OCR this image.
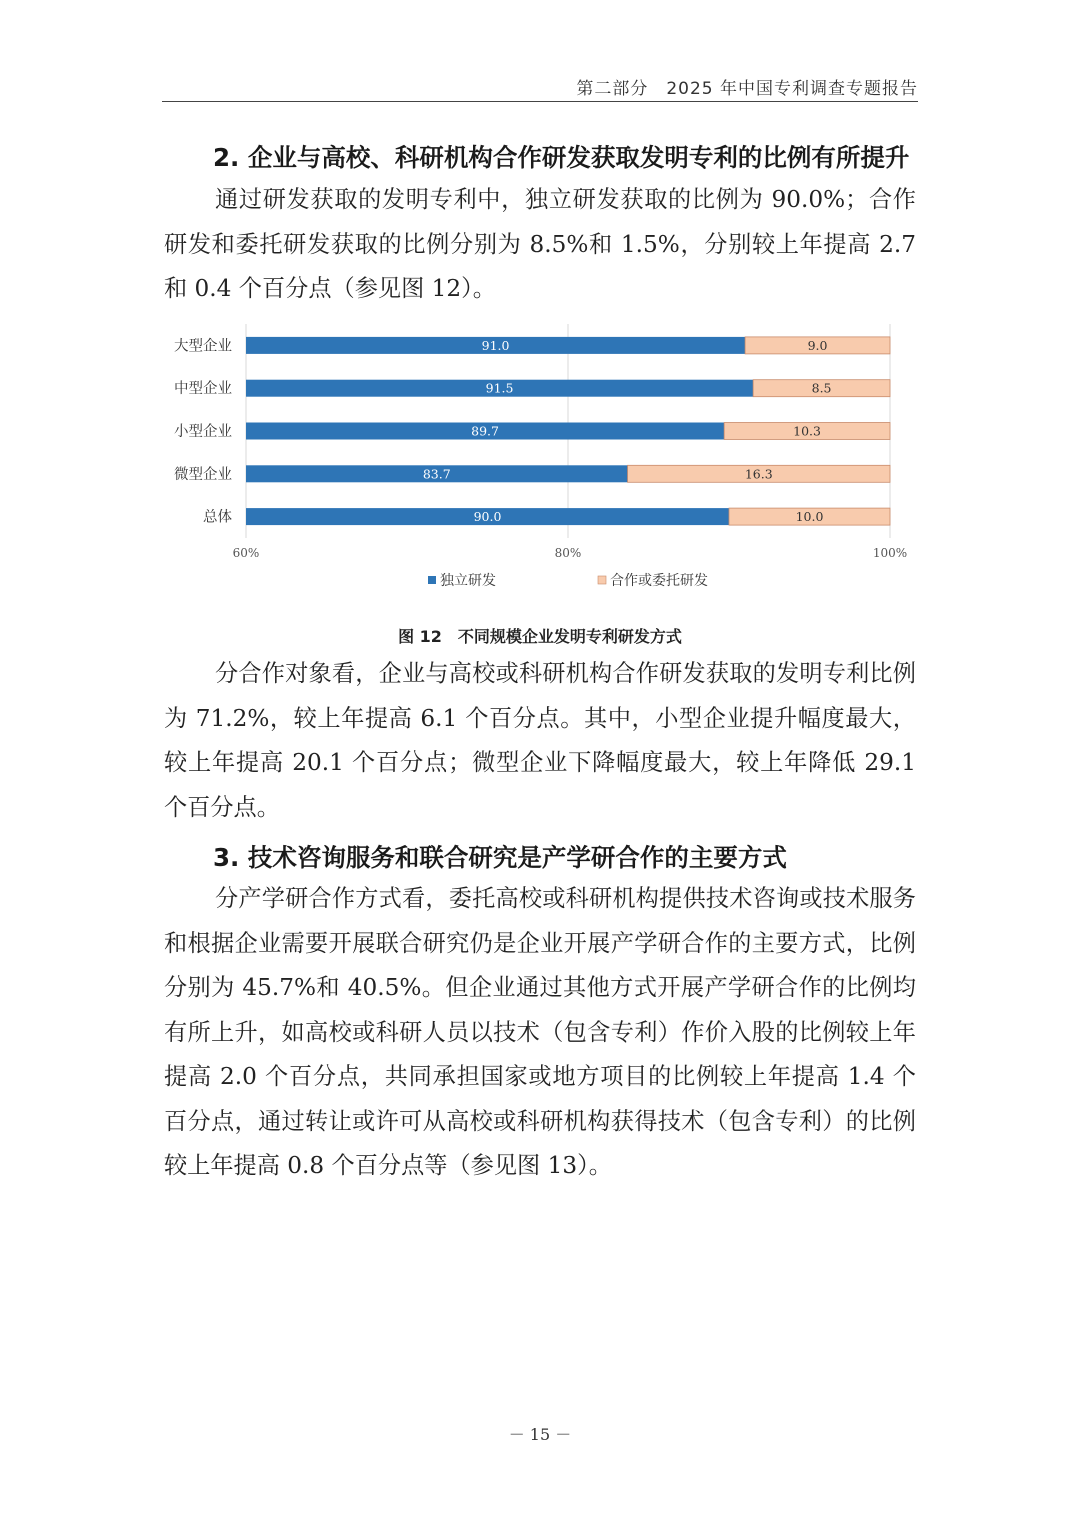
第二部分　2025 年中国专利调查专题报告
2. 企业与高校、科研机构合作研发获取发明专利的比例有所提升
通过研发获取的发明专利中，独立研发获取的比例为 90.0%；合作研发和委托研发获取的比例分别为 8.5%和 1.5%，分别较上年提高 2.7 和 0.4 个百分点（参见图 12）。
60%	80%	100%
大型企业	91.0	9.0
中型企业	91.5	8.5
小型企业	89.7	10.3
微型企业	83.7	16.3
总体	90.0	10.0
独立研发	合作或委托研发
图 12　不同规模企业发明专利研发方式
分合作对象看，企业与高校或科研机构合作研发获取的发明专利比例为 71.2%，较上年提高 6.1 个百分点。其中，小型企业提升幅度最大，较上年提高 20.1 个百分点；微型企业下降幅度最大，较上年降低 29.1 个百分点。
3. 技术咨询服务和联合研究是产学研合作的主要方式
分产学研合作方式看，委托高校或科研机构提供技术咨询或技术服务和根据企业需要开展联合研究仍是企业开展产学研合作的主要方式，比例分别为 45.7%和 40.5%。但企业通过其他方式开展产学研合作的比例均有所上升，如高校或科研人员以技术（包含专利）作价入股的比例较上年提高 2.0 个百分点，共同承担国家或地方项目的比例较上年提高 1.4 个百分点，通过转让或许可从高校或科研机构获得技术（包含专利）的比例较上年提高 0.8 个百分点等（参见图 13）。
－ 15 －
